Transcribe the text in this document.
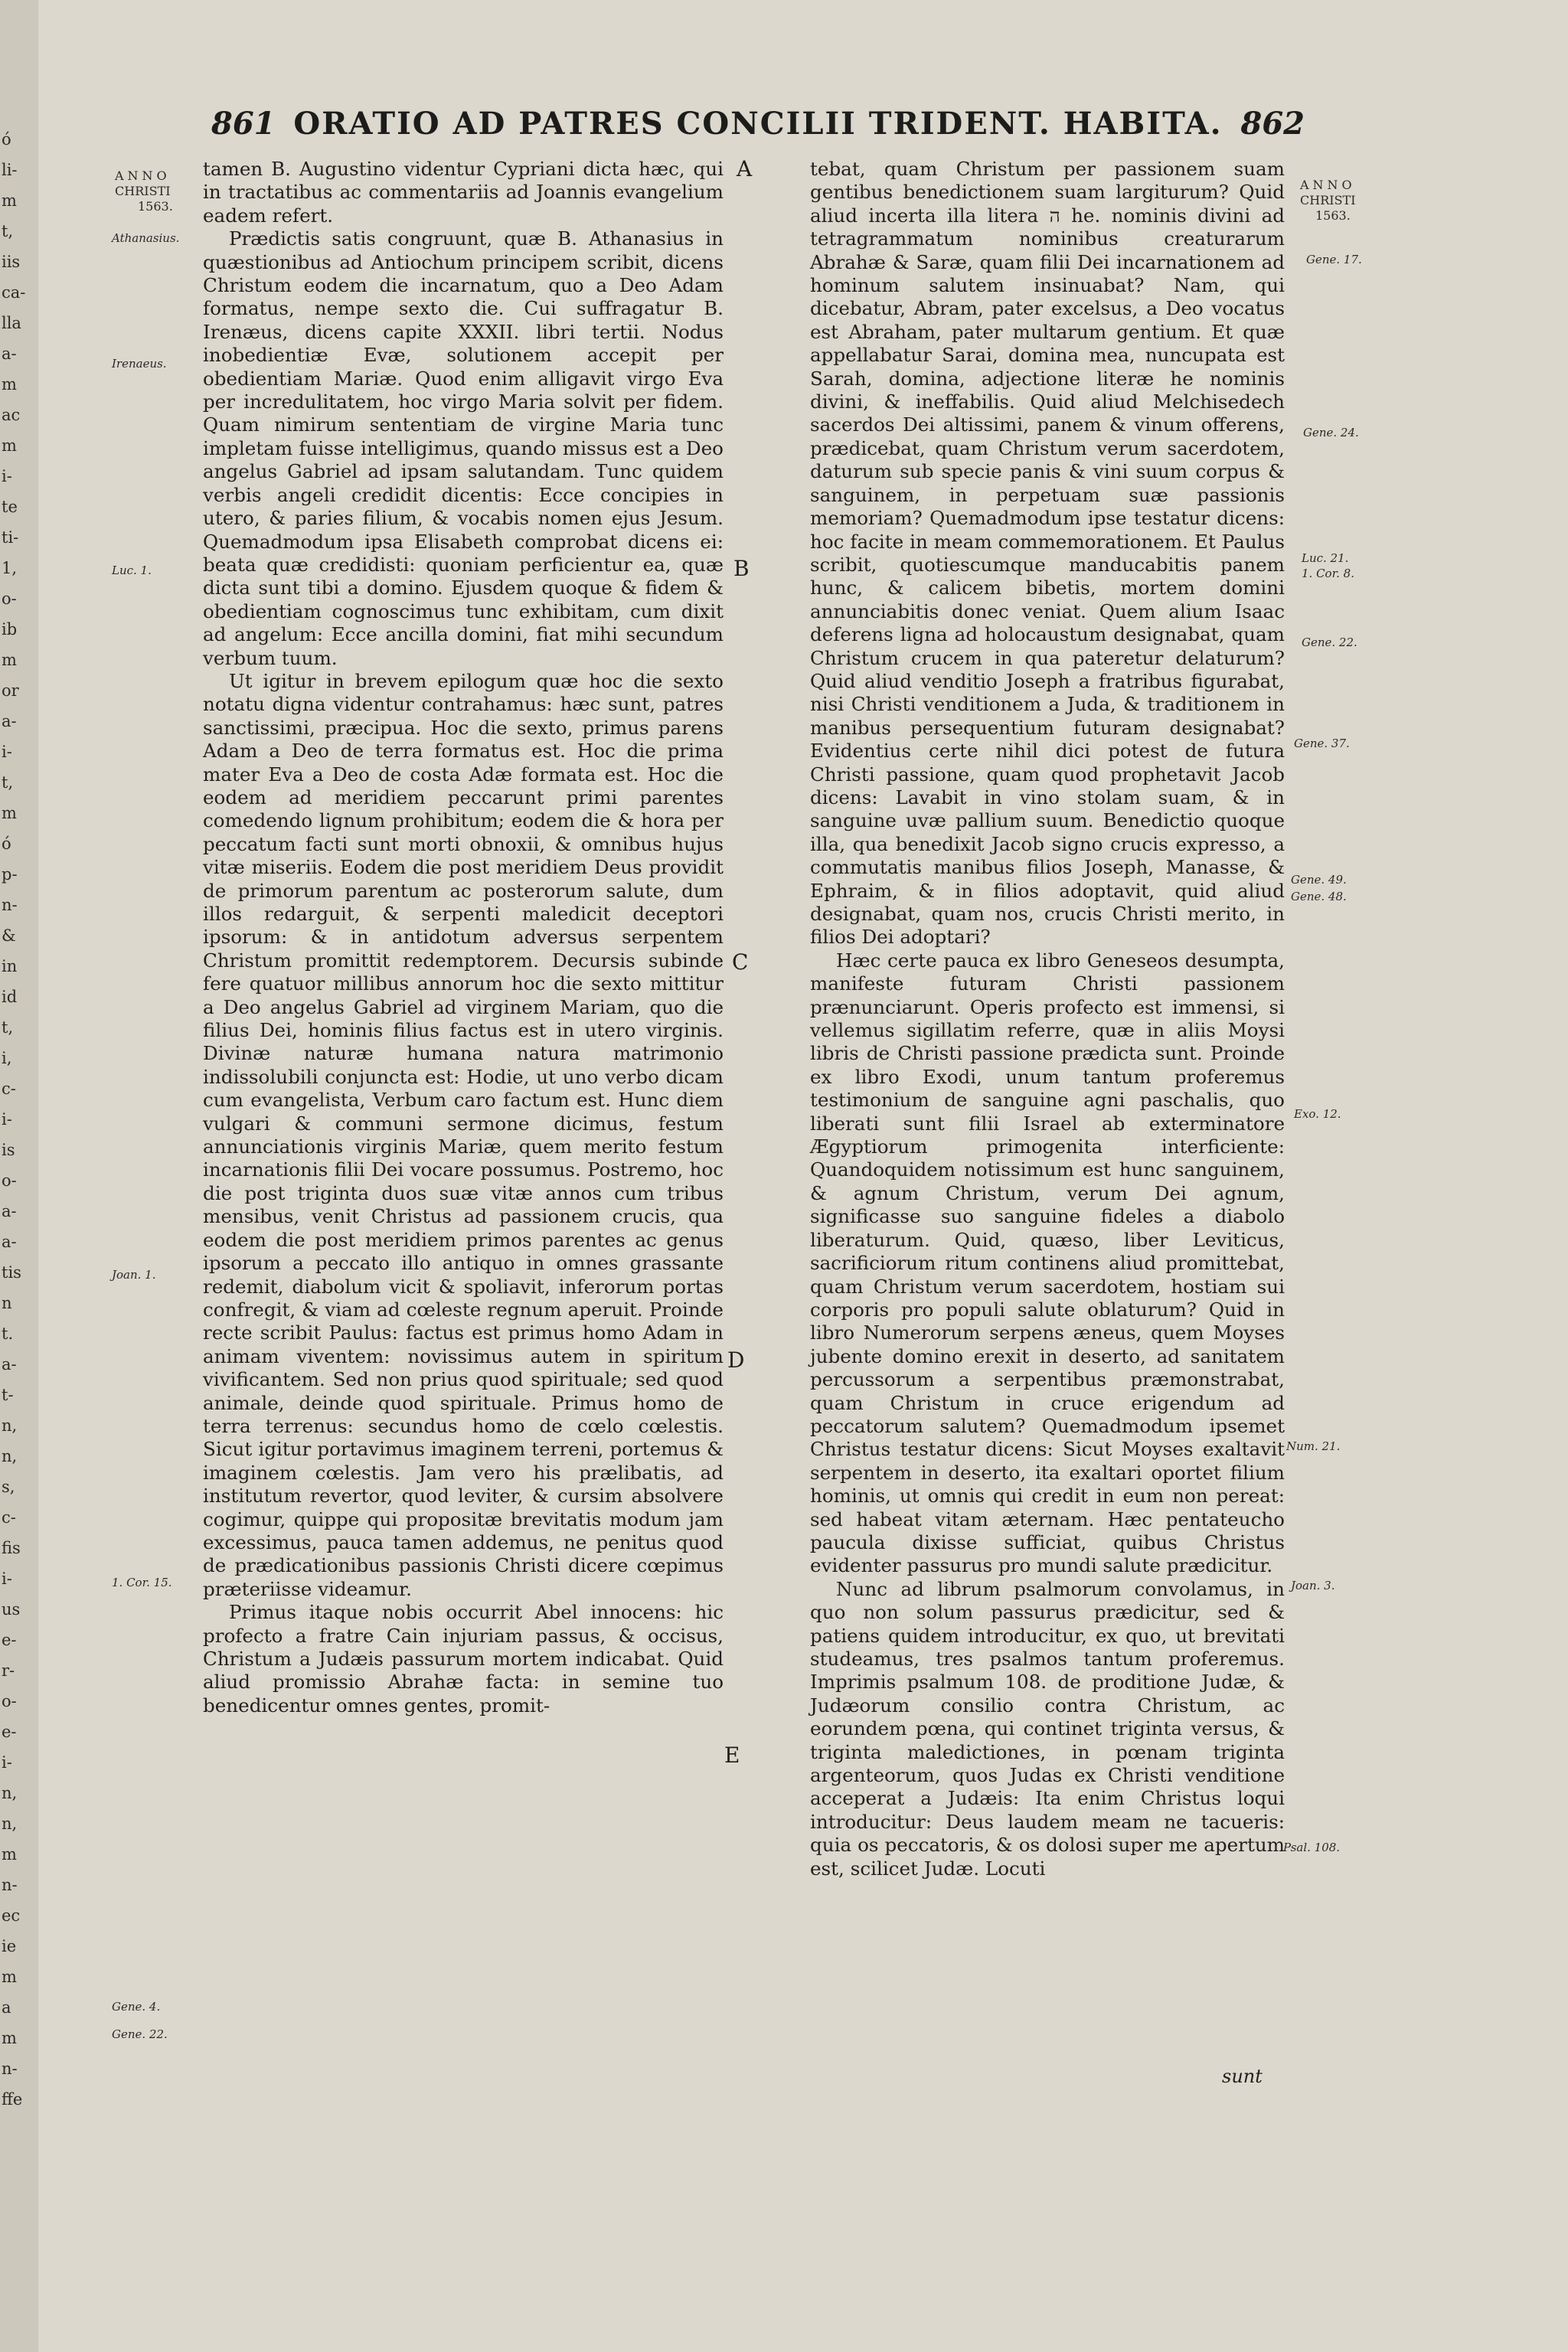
ó
li-
m
t,
iis
ca-
lla
a-
m
ac
m
i-
te
ti-
1,
o-
ib
m
or
a-
i-
t,
m
ó
p-
n-
&
in
id
t,
i,
c-
i-
is
o-
a-
a-
tis
n
t.
a-
t-
n,
n,
s,
c-
fis
i-
us
e-
r-
o-
e-
i-
n,
n,
m
n-
ec
ie
m
a
m
n-
ffe
861 ORATIO AD PATRES CONCILII TRIDENT. HABITA. 862
ANNO
CHRISTI
1563.
Athanasius.
Irenaeus.
Luc. 1.
Joan. 1.
1. Cor. 15.
Gene. 4.
Gene. 22.
A
B
C
D
E

tamen B. Augustino videntur Cypriani dicta hæc, qui in tractatibus ac commentariis ad Joannis evangelium eadem refert.

Prædictis satis congruunt, quæ B. Athanasius in quæstionibus ad Antiochum principem scribit, dicens Christum eodem die incarnatum, quo a Deo Adam formatus, nempe sexto die. Cui suffragatur B. Irenæus, dicens capite XXXII. libri tertii. Nodus inobedientiæ Evæ, solutionem accepit per obedientiam Mariæ. Quod enim alligavit virgo Eva per incredulitatem, hoc virgo Maria solvit per fidem. Quam nimirum sententiam de virgine Maria tunc impletam fuisse intelligimus, quando missus est a Deo angelus Gabriel ad ipsam salutandam. Tunc quidem verbis angeli credidit dicentis: Ecce concipies in utero, & paries filium, & vocabis nomen ejus Jesum. Quemadmodum ipsa Elisabeth comprobat dicens ei: beata quæ credidisti: quoniam perficientur ea, quæ dicta sunt tibi a domino. Ejusdem quoque & fidem & obedientiam cognoscimus tunc exhibitam, cum dixit ad angelum: Ecce ancilla domini, fiat mihi secundum verbum tuum.

Ut igitur in brevem epilogum quæ hoc die sexto notatu digna videntur contrahamus: hæc sunt, patres sanctissimi, præcipua. Hoc die sexto, primus parens Adam a Deo de terra formatus est. Hoc die prima mater Eva a Deo de costa Adæ formata est. Hoc die eodem ad meridiem peccarunt primi parentes comedendo lignum prohibitum; eodem die & hora per peccatum facti sunt morti obnoxii, & omnibus hujus vitæ miseriis. Eodem die post meridiem Deus providit de primorum parentum ac posterorum salute, dum illos redarguit, & serpenti maledicit deceptori ipsorum: & in antidotum adversus serpentem Christum promittit redemptorem. Decursis subinde fere quatuor millibus annorum hoc die sexto mittitur a Deo angelus Gabriel ad virginem Mariam, quo die filius Dei, hominis filius factus est in utero virginis. Divinæ naturæ humana natura matrimonio indissolubili conjuncta est: Hodie, ut uno verbo dicam cum evangelista, Verbum caro factum est. Hunc diem vulgari & communi sermone dicimus, festum annunciationis virginis Mariæ, quem merito festum incarnationis filii Dei vocare possumus. Postremo, hoc die post triginta duos suæ vitæ annos cum tribus mensibus, venit Christus ad passionem crucis, qua eodem die post meridiem primos parentes ac genus ipsorum a peccato illo antiquo in omnes grassante redemit, diabolum vicit & spoliavit, inferorum portas confregit, & viam ad cœleste regnum aperuit. Proinde recte scribit Paulus: factus est primus homo Adam in animam viventem: novissimus autem in spiritum vivificantem. Sed non prius quod spirituale; sed quod animale, deinde quod spirituale. Primus homo de terra terrenus: secundus homo de cœlo cœlestis. Sicut igitur portavimus imaginem terreni, portemus & imaginem cœlestis. Jam vero his prælibatis, ad institutum revertor, quod leviter, & cursim absolvere cogimur, quippe qui propositæ brevitatis modum jam excessimus, pauca tamen addemus, ne penitus quod de prædicationibus passionis Christi dicere cœpimus præteriisse videamur.

Primus itaque nobis occurrit Abel innocens: hic profecto a fratre Cain injuriam passus, & occisus, Christum a Judæis passurum mortem indicabat. Quid aliud promissio Abrahæ facta: in semine tuo benedicentur omnes gentes, promit-

tebat, quam Christum per passionem suam gentibus benedictionem suam largiturum? Quid aliud incerta illa litera ה he. nominis divini ad tetragrammatum nominibus creaturarum Abrahæ & Saræ, quam filii Dei incarnationem ad hominum salutem insinuabat? Nam, qui dicebatur, Abram, pater excelsus, a Deo vocatus est Abraham, pater multarum gentium. Et quæ appellabatur Sarai, domina mea, nuncupata est Sarah, domina, adjectione literæ he nominis divini, & ineffabilis. Quid aliud Melchisedech sacerdos Dei altissimi, panem & vinum offerens, prædicebat, quam Christum verum sacerdotem, daturum sub specie panis & vini suum corpus & sanguinem, in perpetuam suæ passionis memoriam? Quemadmodum ipse testatur dicens: hoc facite in meam commemorationem. Et Paulus scribit, quotiescumque manducabitis panem hunc, & calicem bibetis, mortem domini annunciabitis donec veniat. Quem alium Isaac deferens ligna ad holocaustum designabat, quam Christum crucem in qua pateretur delaturum? Quid aliud venditio Joseph a fratribus figurabat, nisi Christi venditionem a Juda, & traditionem in manibus persequentium futuram designabat? Evidentius certe nihil dici potest de futura Christi passione, quam quod prophetavit Jacob dicens: Lavabit in vino stolam suam, & in sanguine uvæ pallium suum. Benedictio quoque illa, qua benedixit Jacob signo crucis expresso, a commutatis manibus filios Joseph, Manasse, & Ephraim, & in filios adoptavit, quid aliud designabat, quam nos, crucis Christi merito, in filios Dei adoptari?

Hæc certe pauca ex libro Geneseos desumpta, manifeste futuram Christi passionem prænunciarunt. Operis profecto est immensi, si vellemus sigillatim referre, quæ in aliis Moysi libris de Christi passione prædicta sunt. Proinde ex libro Exodi, unum tantum proferemus testimonium de sanguine agni paschalis, quo liberati sunt filii Israel ab exterminatore Ægyptiorum primogenita interficiente: Quandoquidem notissimum est hunc sanguinem, & agnum Christum, verum Dei agnum, significasse suo sanguine fideles a diabolo liberaturum. Quid, quæso, liber Leviticus, sacrificiorum ritum continens aliud promittebat, quam Christum verum sacerdotem, hostiam sui corporis pro populi salute oblaturum? Quid in libro Numerorum serpens æneus, quem Moyses jubente domino erexit in deserto, ad sanitatem percussorum a serpentibus præmonstrabat, quam Christum in cruce erigendum ad peccatorum salutem? Quemadmodum ipsemet Christus testatur dicens: Sicut Moyses exaltavit serpentem in deserto, ita exaltari oportet filium hominis, ut omnis qui credit in eum non pereat: sed habeat vitam æternam. Hæc pentateucho paucula dixisse sufficiat, quibus Christus evidenter passurus pro mundi salute prædicitur.

Nunc ad librum psalmorum convolamus, in quo non solum passurus prædicitur, sed & patiens quidem introducitur, ex quo, ut brevitati studeamus, tres psalmos tantum proferemus. Imprimis psalmum 108. de proditione Judæ, & Judæorum consilio contra Christum, ac eorundem pœna, qui continet triginta versus, & triginta maledictiones, in pœnam triginta argenteorum, quos Judas ex Christi venditione acceperat a Judæis: Ita enim Christus loqui introducitur: Deus laudem meam ne tacueris: quia os peccatoris, & os dolosi super me apertum est, scilicet Judæ. Locuti

sunt
ANNO
CHRISTI
1563.
Gene. 17.
Gene. 24.
Luc. 21.
1. Cor. 8.
Gene. 22.
Gene. 37.
Gene. 49.
Gene. 48.
Exo. 12.
Num. 21.
Joan. 3.
Psal. 108.
